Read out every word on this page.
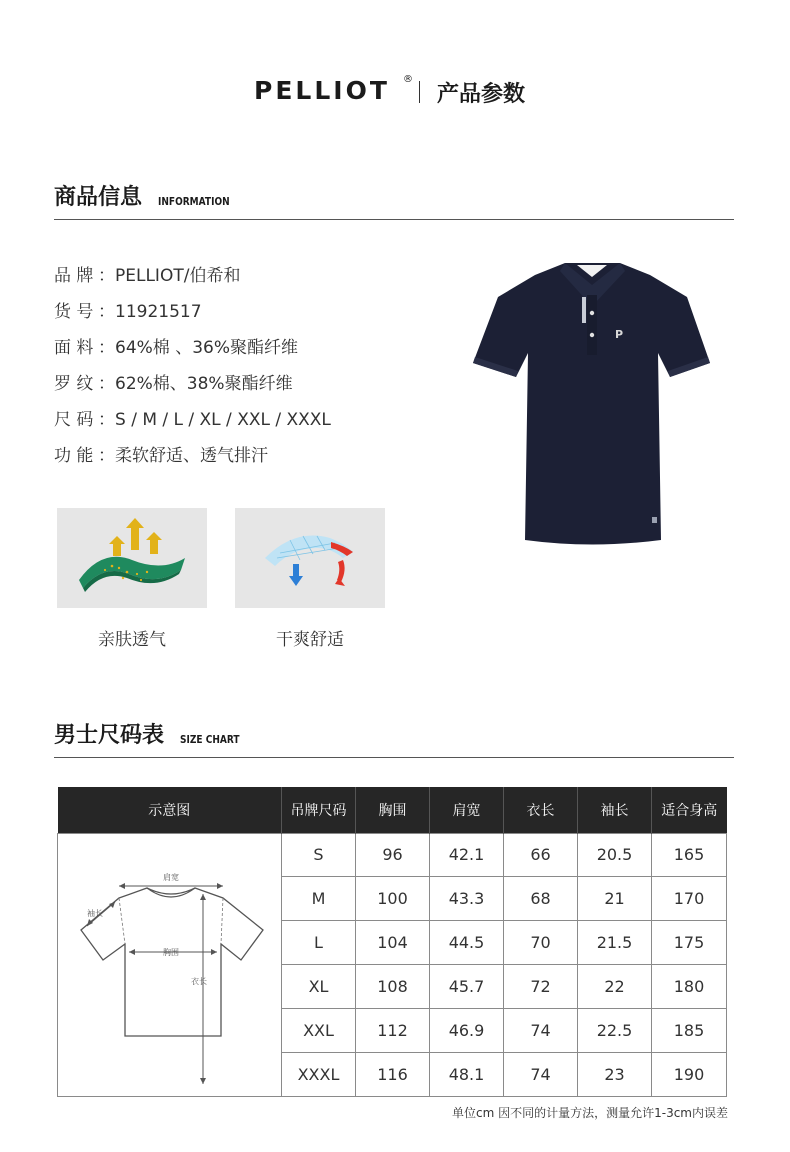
PELLIOT ®
产品参数
商品信息 INFORMATION
品 牌 ：PELLIOT/伯希和
货 号 ：11921517
面 料 ：64%棉 、36%聚酯纤维
罗 纹 ：62%棉、38%聚酯纤维
尺 码 ：S / M / L / XL / XXL / XXXL
功 能 ：柔软舒适、透气排汗
P
亲肤透气	干爽舒适
男士尺码表 SIZE CHART
示意图	吊牌尺码	胸围	肩宽	衣长	袖长	适合身高

肩宽
袖长
胸围
衣长	S	96	42.1	66	20.5	165
	M	100	43.3	68	21	170
	L	104	44.5	70	21.5	175
	XL	108	45.7	72	22	180
	XXL	112	46.9	74	22.5	185
	XXXL	116	48.1	74	23	190
单位cm 因不同的计量方法，测量允许1-3cm内误差
